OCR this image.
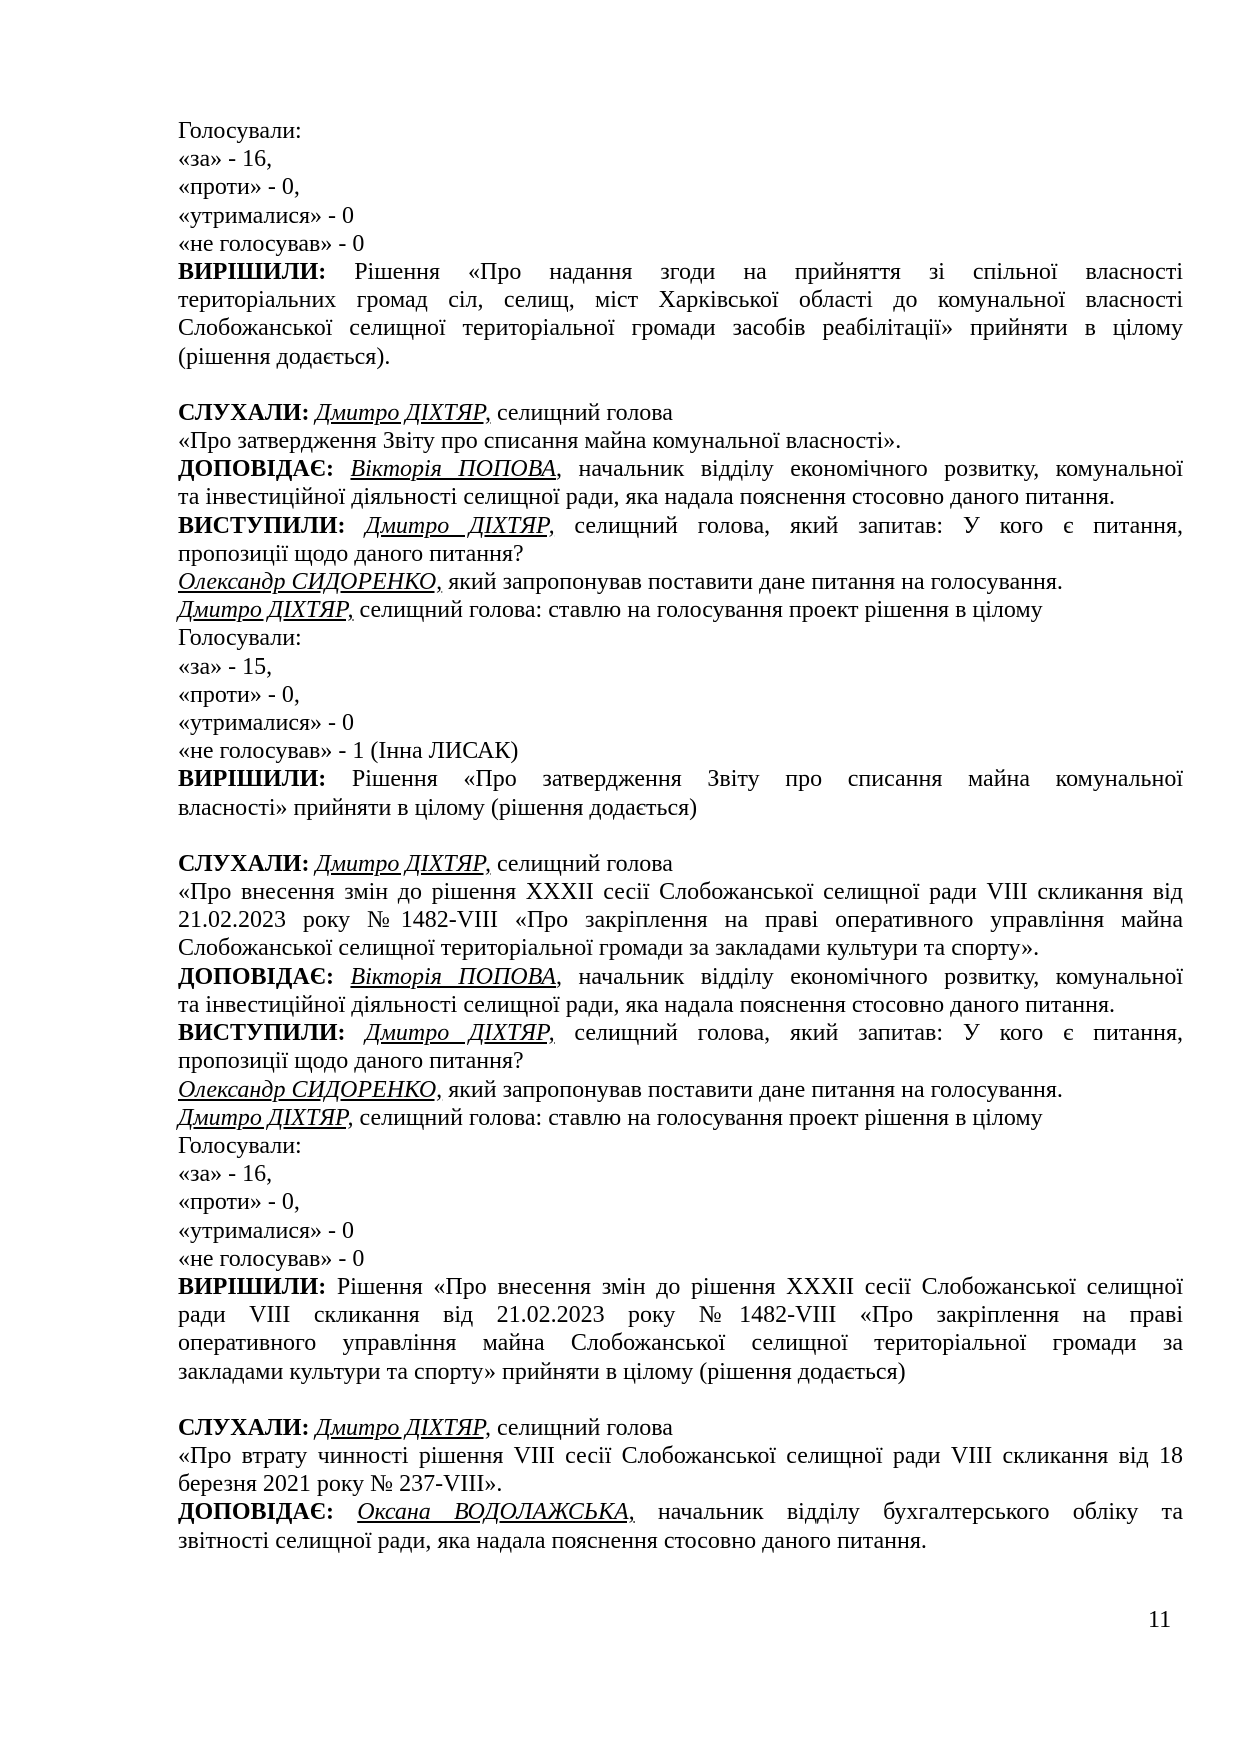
Голосували:
«за» - 16,
«проти» - 0,
«утрималися» - 0
«не голосував» - 0
ВИРІШИЛИ: Рішення «Про надання згоди на прийняття зі спільної власності
територіальних громад сіл, селищ, міст Харківської області до комунальної власності
Слобожанської селищної територіальної громади засобів реабілітації» прийняти в цілому
(рішення додається).
СЛУХАЛИ: Дмитро ДІХТЯР, селищний голова
«Про затвердження Звіту про списання майна комунальної власності».
ДОПОВІДАЄ: Вікторія ПОПОВА, начальник відділу економічного розвитку, комунальної
та інвестиційної діяльності селищної ради, яка надала пояснення стосовно даного питання.
ВИСТУПИЛИ: Дмитро ДІХТЯР, селищний голова, який запитав: У кого є питання,
пропозиції щодо даного питання?
Олександр СИДОРЕНКО, який запропонував поставити дане питання на голосування.
Дмитро ДІХТЯР, селищний голова: ставлю на голосування проект рішення в цілому
Голосували:
«за» - 15,
«проти» - 0,
«утрималися» - 0
«не голосував» - 1 (Інна ЛИСАК)
ВИРІШИЛИ: Рішення «Про затвердження Звіту про списання майна комунальної
власності» прийняти в цілому (рішення додається)
СЛУХАЛИ: Дмитро ДІХТЯР, селищний голова
«Про внесення змін до рішення ХХХІІ сесії Слобожанської селищної ради VIII скликання від
21.02.2023 року №1482-VIII «Про закріплення на праві оперативного управління майна
Слобожанської селищної територіальної громади за закладами культури та спорту».
ДОПОВІДАЄ: Вікторія ПОПОВА, начальник відділу економічного розвитку, комунальної
та інвестиційної діяльності селищної ради, яка надала пояснення стосовно даного питання.
ВИСТУПИЛИ: Дмитро ДІХТЯР, селищний голова, який запитав: У кого є питання,
пропозиції щодо даного питання?
Олександр СИДОРЕНКО, який запропонував поставити дане питання на голосування.
Дмитро ДІХТЯР, селищний голова: ставлю на голосування проект рішення в цілому
Голосували:
«за» - 16,
«проти» - 0,
«утрималися» - 0
«не голосував» - 0
ВИРІШИЛИ: Рішення «Про внесення змін до рішення ХХХІІ сесії Слобожанської селищної
ради VIII скликання від 21.02.2023 року №1482-VIII «Про закріплення на праві
оперативного управління майна Слобожанської селищної територіальної громади за
закладами культури та спорту» прийняти в цілому (рішення додається)
СЛУХАЛИ: Дмитро ДІХТЯР, селищний голова
«Про втрату чинності рішення VIII сесії Слобожанської селищної ради VIII скликання від 18
березня 2021 року № 237-VIII».
ДОПОВІДАЄ: Оксана ВОДОЛАЖСЬКА, начальник відділу бухгалтерського обліку та
звітності селищної ради, яка надала пояснення стосовно даного питання.
11
